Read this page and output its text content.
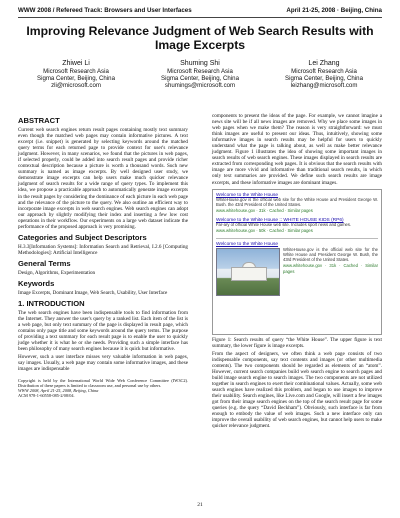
WWW 2008 / Refereed Track: Browsers and User Interfaces	April 21-25, 2008 · Beijing, China
Improving Relevance Judgment of Web Search Results with Image Excerpts
Zhiwei Li
Microsoft Research Asia
Sigma Center, Beijing, China
zli@microsoft.com
Shuming Shi
Microsoft Research Asia
Sigma Center, Beijing, China
shumings@microsoft.com
Lei Zhang
Microsoft Research Asia
Sigma Center, Beijing, China
leizhang@microsoft.com
ABSTRACT

Current web search engines return result pages containing mostly text summary even though the matched web pages may contain informative pictures. A text excerpt (i.e. snippet) is generated by selecting keywords around the matched query terms for each returned page to provide context for user's relevance judgment. However, in many scenarios, we found that the pictures in web pages, if selected properly, could be added into search result pages and provide richer contextual description because a picture is worth a thousand words. Such new summary is named as image excerpts. By well designed user study, we demonstrate image excerpts can help users make much quicker relevance judgment of search results for a wide range of query types. To implement this idea, we propose a practicable approach to automatically generate image excerpts in the result pages by considering the dominance of each picture in each web page and the relevance of the picture to the query. We also outline an efficient way to incorporate image excerpts in web search engines. Web search engines can adopt our approach by slightly modifying their index and inserting a few low cost operations in their workflow. Our experiments on a large web dataset indicate the performance of the proposed approach is very promising.

Categories and Subject Descriptors

H.3.3[Information Systems]: Information Search and Retrieval, I.2.6 [Computing Methodologies]: Artificial Intelligence

General Terms

Design, Algorithms, Experimentation

Keywords

Image Excerpts, Dominant Image, Web Search, Usability, User Interface

1. INTRODUCTION

The web search engines have been indispensable tools to find information from the Internet. They answer the user's query by a ranked list. Each item of the list is a web page, but only text summary of the page is displayed in result page, which contains only page title and some keywords around the query terms. The purpose of providing a text summary for each result page is to enable the user to quickly judge whether it is what he or she needs. Providing such a simple interface has been philosophy of many search engines because it is quick but informative.

However, such a user interface misses very valuable information in web pages, say images. Usually, a web page may contain some informative images, and these images are indispensable

Copyright is held by the International World Wide Web Conference Committee (IW3C2). Distribution of these papers is limited to classroom use, and personal use by others.
WWW 2008, April 21-25, 2008, Beijing, China
ACM 978-1-60558-085-2/08/04.

components to present the ideas of the page. For example, we cannot imagine a news site will be if all news images are removed. Why we place some images in web pages when we make them? The reason is very straightforward: we must think images are useful to present our ideas. Thus, intuitively, showing some informative images in search results may be helpful for users to quickly understand what the page is talking about, as well as make better relevance judgment. Figure 1 illustrates the idea of showing some important images in search results of web search engines. These images displayed in search results are extracted from corresponding web pages. It is obvious that the search results with image are more vivid and informative than traditional search results, in which only text summaries are provided. We define such search results are image excerpts, and these informative images are dominant images.

Welcome to the White House
WhiteHouse.gov is the official web site for the White House and President George W. Bush. the 43rd President of the United States.
www.whitehouse.gov · 31k · Cached · Similar pages
Welcome to the White House :: WHITE HOUSE KIDS (RP6)
Far-ary of official White House web site. Includes sport news and games.
www.whitehouse.gov · 50k · Cached · Similar pages
Welcome to the White House
WhiteHouse.gov is the official web site for the White House and President George W. Bush, the 43rd President of the United States.
www.whitehouse.gov · 31k · Cached · Similar pages

Figure 1: Search results of query “the White House”. The upper figure is text summary, the lower figure is image excerpts.

From the aspect of designers, we often think a web page consists of two indispensable components, say text contents and images (or other multimedia contents). The two components should be regarded as elements of an “atom”. However, current search companies build web search engine to search pages and build image search engine to search images. The two components are not utilized together in search engines to exert their combinational values. Actually, some web search engines have realized this problem, and began to use images to improve their usability. Search engines, like Live.com and Google, will insert a few images got from their image search engines on the top of the search result page for some queries (e.g. the query “David Beckham”). Obviously, such interface is far from enough to embody the value of web images. Such a new interface only can improve the overall usability of web search engines, but cannot help users to make quicker relevance judgment.

21
